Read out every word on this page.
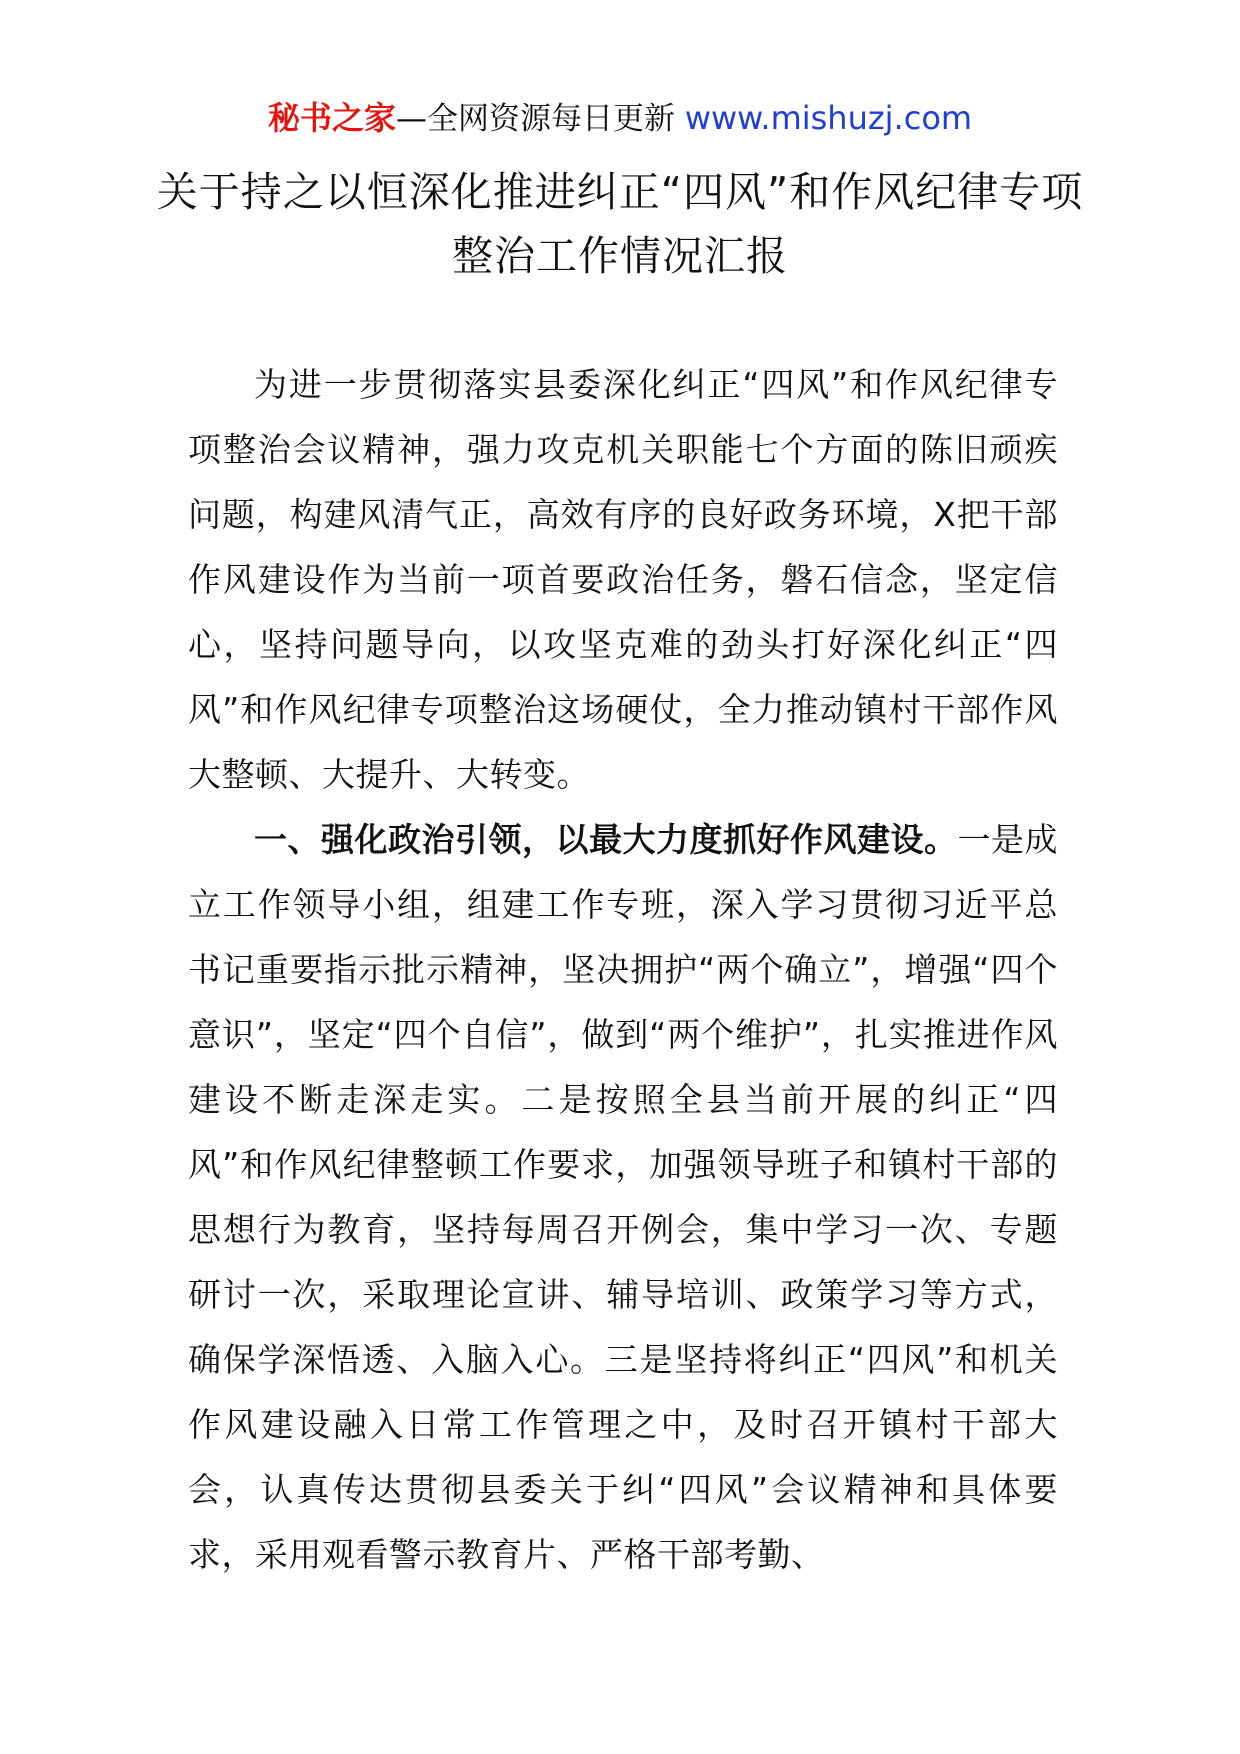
秘书之家—全网资源每日更新 www.mishuzj.com
关于持之以恒深化推进纠正“四风”和作风纪律专项整治工作情况汇报

为进一步贯彻落实县委深化纠正“四风”和作风纪律专项整治会议精神，强力攻克机关职能七个方面的陈旧顽疾问题，构建风清气正，高效有序的良好政务环境，X把干部作风建设作为当前一项首要政治任务，磐石信念，坚定信心，坚持问题导向，以攻坚克难的劲头打好深化纠正“四风”和作风纪律专项整治这场硬仗，全力推动镇村干部作风大整顿、大提升、大转变。

一、强化政治引领，以最大力度抓好作风建设。一是成立工作领导小组，组建工作专班，深入学习贯彻习近平总书记重要指示批示精神，坚决拥护“两个确立”，增强“四个意识”，坚定“四个自信”，做到“两个维护”，扎实推进作风建设不断走深走实。二是按照全县当前开展的纠正“四风”和作风纪律整顿工作要求，加强领导班子和镇村干部的思想行为教育，坚持每周召开例会，集中学习一次、专题研讨一次，采取理论宣讲、辅导培训、政策学习等方式，确保学深悟透、入脑入心。三是坚持将纠正“四风”和机关作风建设融入日常工作管理之中，及时召开镇村干部大会，认真传达贯彻县委关于纠“四风”会议精神和具体要求，采用观看警示教育片、严格干部考勤、
